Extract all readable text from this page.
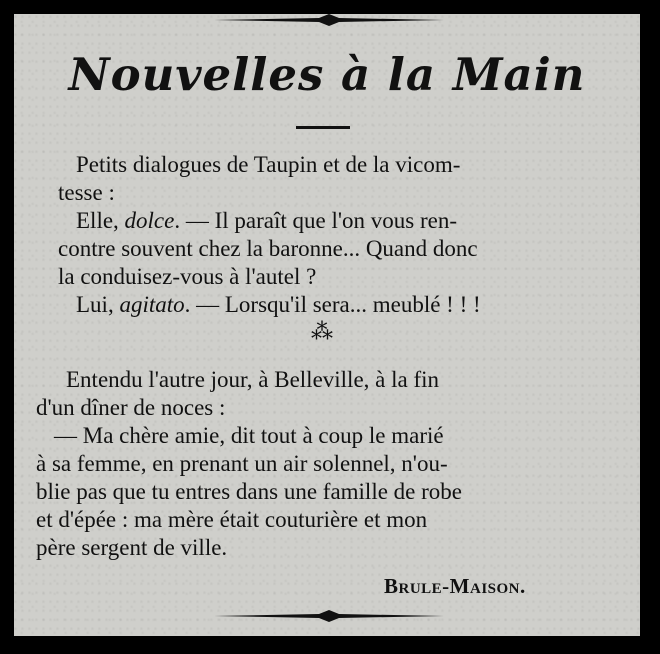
Nouvelles à la Main
Petits dialogues de Taupin et de la vicom-
tesse :
Elle, dolce. — Il paraît que l'on vous ren-
contre souvent chez la baronne... Quand donc
la conduisez-vous à l'autel ?
Lui, agitato. — Lorsqu'il sera... meublé ! ! !
⁂
Entendu l'autre jour, à Belleville, à la fin
d'un dîner de noces :
— Ma chère amie, dit tout à coup le marié
à sa femme, en prenant un air solennel, n'ou-
blie pas que tu entres dans une famille de robe
et d'épée : ma mère était couturière et mon
père sergent de ville.
Brule-Maison.
